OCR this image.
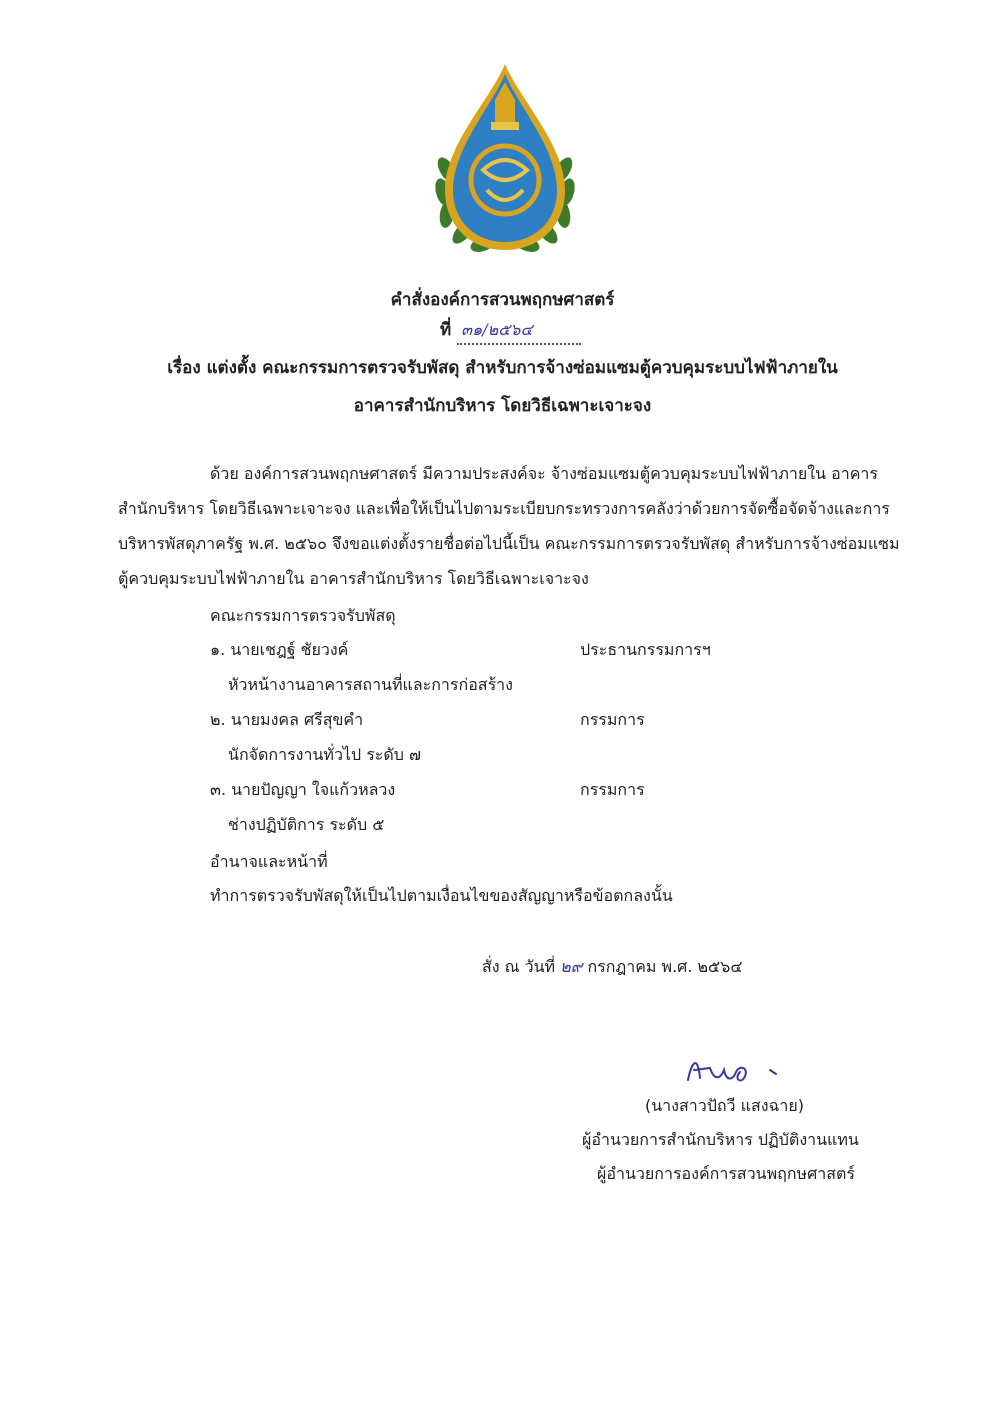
คำสั่งองค์การสวนพฤกษศาสตร์
ที่ ๓๑/๒๕๖๔
เรื่อง แต่งตั้ง คณะกรรมการตรวจรับพัสดุ สำหรับการจ้างซ่อมแซมตู้ควบคุมระบบไฟฟ้าภายใน
อาคารสำนักบริหาร โดยวิธีเฉพาะเจาะจง
ด้วย องค์การสวนพฤกษศาสตร์ มีความประสงค์จะ จ้างซ่อมแซมตู้ควบคุมระบบไฟฟ้าภายใน อาคาร
สำนักบริหาร โดยวิธีเฉพาะเจาะจง และเพื่อให้เป็นไปตามระเบียบกระทรวงการคลังว่าด้วยการจัดซื้อจัดจ้างและการ
บริหารพัสดุภาครัฐ พ.ศ. ๒๕๖๐ จึงขอแต่งตั้งรายชื่อต่อไปนี้เป็น คณะกรรมการตรวจรับพัสดุ สำหรับการจ้างซ่อมแซม
ตู้ควบคุมระบบไฟฟ้าภายใน อาคารสำนักบริหาร โดยวิธีเฉพาะเจาะจง
คณะกรรมการตรวจรับพัสดุ
๑. นายเชฎฐ์ ชัยวงค์	ประธานกรรมการฯ
หัวหน้างานอาคารสถานที่และการก่อสร้าง
๒. นายมงคล ศรีสุขคำ	กรรมการ
นักจัดการงานทั่วไป ระดับ ๗
๓. นายปัญญา ใจแก้วหลวง	กรรมการ
ช่างปฏิบัติการ ระดับ ๕
อำนาจและหน้าที่
ทำการตรวจรับพัสดุให้เป็นไปตามเงื่อนไขของสัญญาหรือข้อตกลงนั้น
สั่ง ณ วันที่ ๒๙ กรกฎาคม พ.ศ. ๒๕๖๔
(นางสาวปัถวี แสงฉาย)
ผู้อำนวยการสำนักบริหาร ปฏิบัติงานแทน
ผู้อำนวยการองค์การสวนพฤกษศาสตร์
